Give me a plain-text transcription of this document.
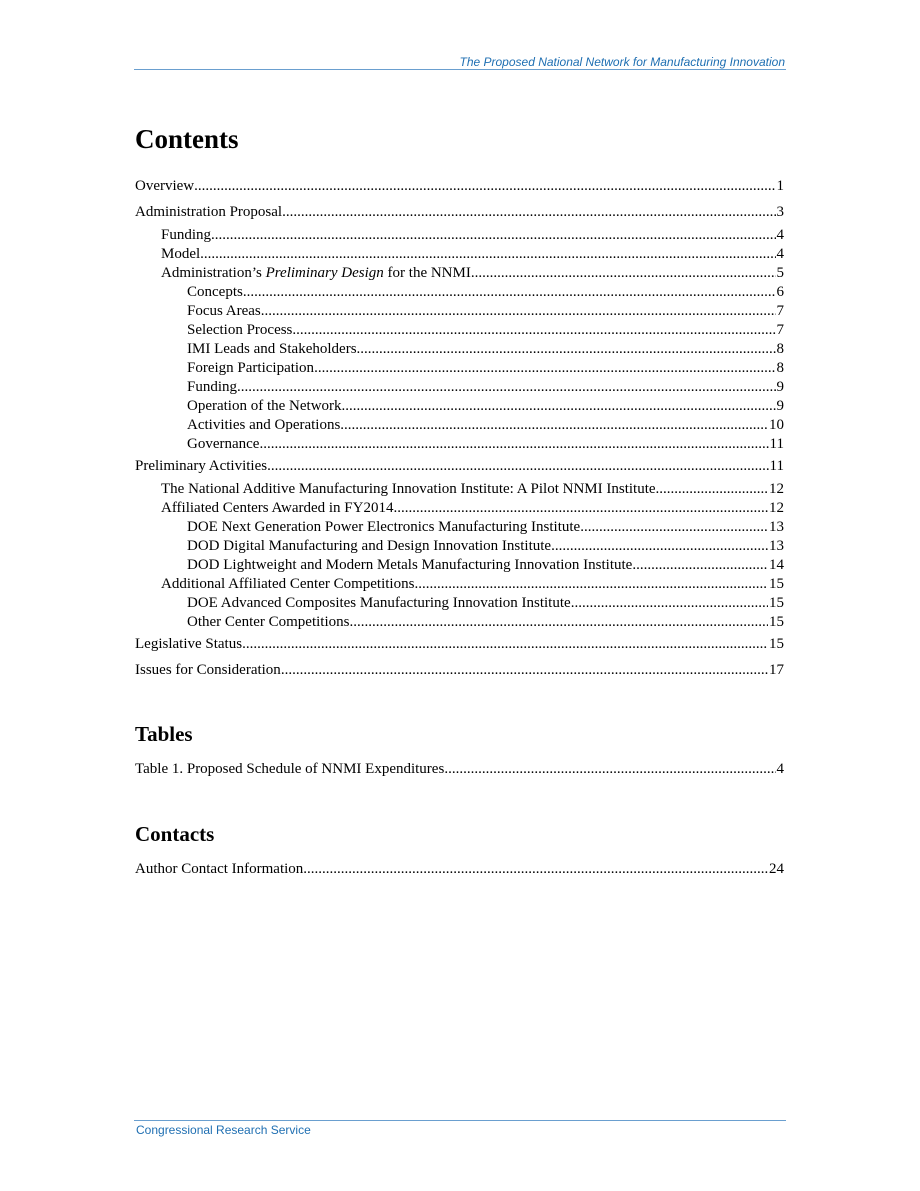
The Proposed National Network for Manufacturing Innovation
Contents
Overview .....	1
Administration Proposal .....	3
Funding .....	4
Model .....	4
Administration’s Preliminary Design for the NNMI .....	5
Concepts .....	6
Focus Areas .....	7
Selection Process .....	7
IMI Leads and Stakeholders .....	8
Foreign Participation .....	8
Funding .....	9
Operation of the Network .....	9
Activities and Operations .....	10
Governance .....	11
Preliminary Activities .....	11
The National Additive Manufacturing Innovation Institute: A Pilot NNMI Institute .....	12
Affiliated Centers Awarded in FY2014 .....	12
DOE Next Generation Power Electronics Manufacturing Institute .....	13
DOD Digital Manufacturing and Design Innovation Institute .....	13
DOD Lightweight and Modern Metals Manufacturing Innovation Institute .....	14
Additional Affiliated Center Competitions .....	15
DOE Advanced Composites Manufacturing Innovation Institute .....	15
Other Center Competitions .....	15
Legislative Status .....	15
Issues for Consideration .....	17
Tables
Table 1. Proposed Schedule of NNMI Expenditures .....	4
Contacts
Author Contact Information .....	24
Congressional Research Service
